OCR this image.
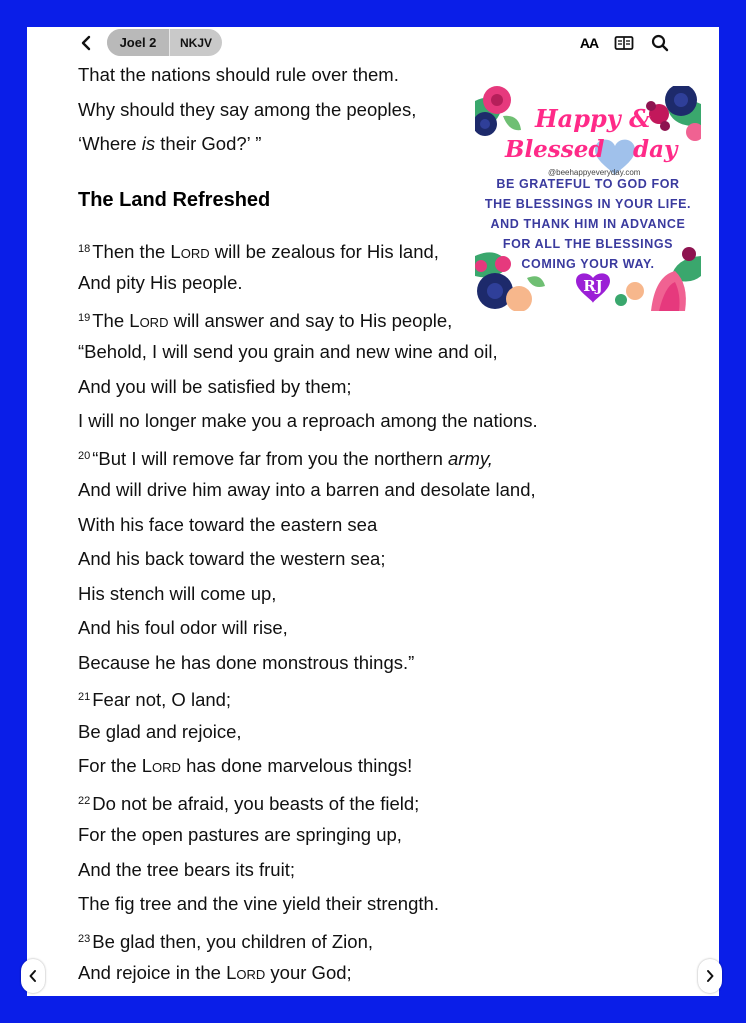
Joel 2	NKJV	AA
That the nations should rule over them.
Why should they say among the peoples,
‘Where is their God?’ ”
The Land Refreshed
$^{18}$ Then the Lord will be zealous for His land,
And pity His people.
$^{19}$ The Lord will answer and say to His people,
“Behold, I will send you grain and new wine and oil,
And you will be satisfied by them;
I will no longer make you a reproach among the nations.
$^{20}$ “But I will remove far from you the northern army,
And will drive him away into a barren and desolate land,
With his face toward the eastern sea
And his back toward the western sea;
His stench will come up,
And his foul odor will rise,
Because he has done monstrous things.”
$^{21}$ Fear not, O land;
Be glad and rejoice,
For the Lord has done marvelous things!
$^{22}$ Do not be afraid, you beasts of the field;
For the open pastures are springing up,
And the tree bears its fruit;
The fig tree and the vine yield their strength.
$^{23}$ Be glad then, you children of Zion,
And rejoice in the Lord your God;
Happy &
Blessed day
@beehappyeveryday.com
BE GRATEFUL TO GOD FOR
THE BLESSINGS IN YOUR LIFE.
AND THANK HIM IN ADVANCE
FOR ALL THE BLESSINGS
COMING YOUR WAY.
RJ
